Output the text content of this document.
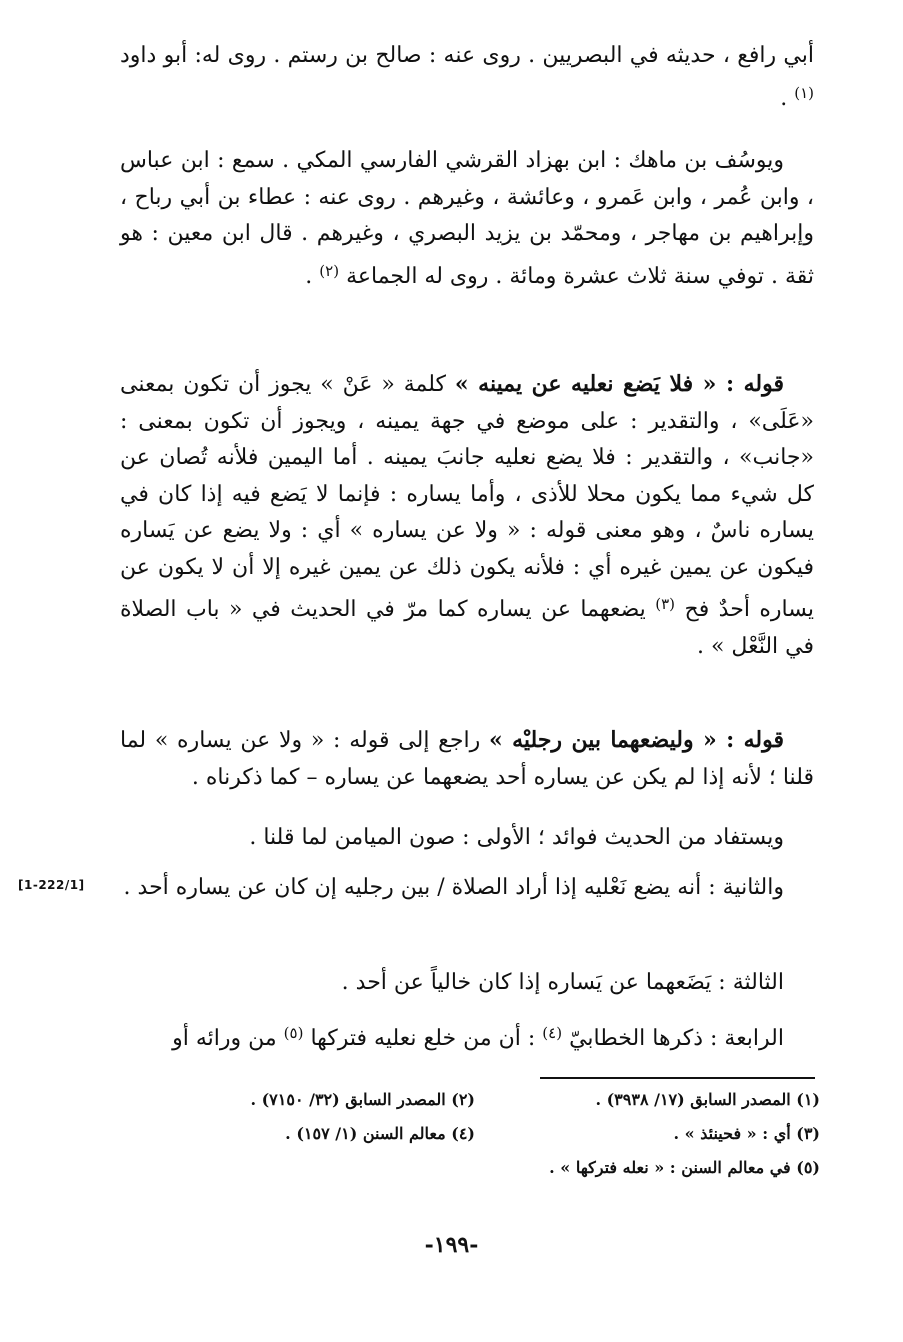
أبي رافع ، حديثه في البصريين . روى عنه : صالح بن رستم . روى له: أبو داود $^{(١)}$ .

ويوسُف بن ماهك : ابن بهزاد القرشي الفارسي المكي . سمع : ابن عباس ، وابن عُمر ، وابن عَمرو ، وعائشة ، وغيرهم . روى عنه : عطاء بن أبي رباح ، وإبراهيم بن مهاجر ، ومحمّد بن يزيد البصري ، وغيرهم . قال ابن معين : هو ثقة . توفي سنة ثلاث عشرة ومائة . روى له الجماعة $^{(٢)}$ .

قوله : « فلا يَضع نعليه عن يمينه » كلمة « عَنْ » يجوز أن تكون بمعنى «عَلَى» ، والتقدير : على موضع في جهة يمينه ، ويجوز أن تكون بمعنى : «جانب» ، والتقدير : فلا يضع نعليه جانبَ يمينه . أما اليمين فلأنه تُصان عن كل شيء مما يكون محلا للأذى ، وأما يساره : فإنما لا يَضع فيه إذا كان في يساره ناسٌ ، وهو معنى قوله : « ولا عن يساره » أي : ولا يضع عن يَساره فيكون عن يمين غيره أي : فلأنه يكون ذلك عن يمين غيره إلا أن لا يكون عن يساره أحدٌ فح $^{(٣)}$ يضعهما عن يساره كما مرّ في الحديث في « باب الصلاة في النَّعْل » .

قوله : « وليضعهما بين رجليْه » راجع إلى قوله : « ولا عن يساره » لما قلنا ؛ لأنه إذا لم يكن عن يساره أحد يضعهما عن يساره – كما ذكرناه .

ويستفاد من الحديث فوائد ؛ الأولى : صون الميامن لما قلنا .

والثانية : أنه يضع نَعْليه إذا أراد الصلاة / بين رجليه إن كان عن يساره أحد .

[1-222/1]

الثالثة : يَضَعهما عن يَساره إذا كان خالياً عن أحد .

الرابعة : ذكرها الخطابيّ $^{(٤)}$ : أن من خلع نعليه فتركها $^{(٥)}$ من ورائه أو

(١) المصدر السابق (١٧/ ٣٩٣٨) .
(٢) المصدر السابق (٣٢/ ٧١٥٠) .
(٣) أي : « فحينئذ » .
(٤) معالم السنن (١/ ١٥٧) .
(٥) في معالم السنن : « نعله فتركها » .
-١٩٩-
